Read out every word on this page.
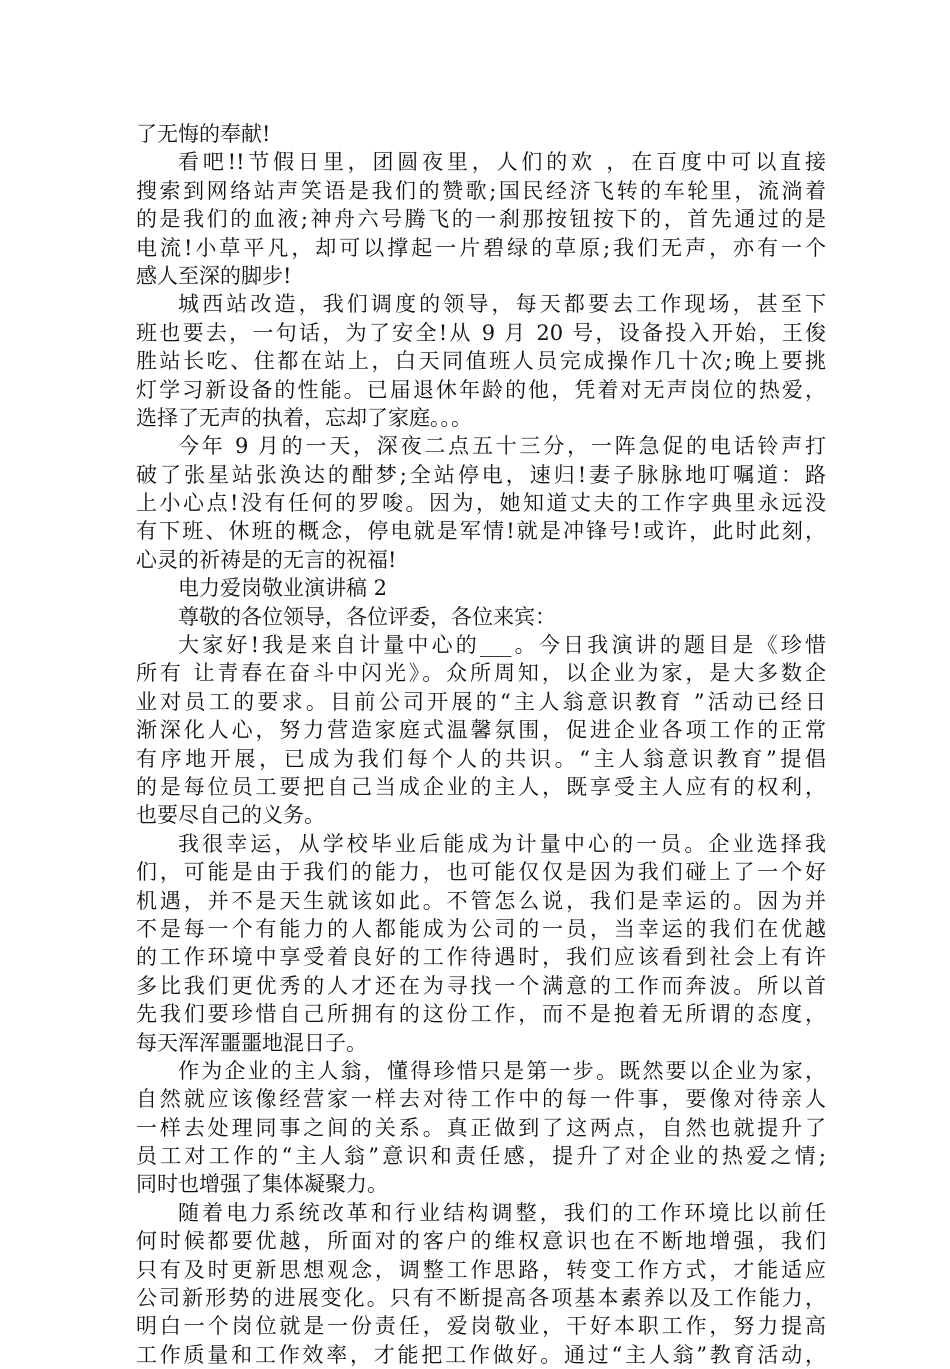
了无悔的奉献!
看吧!!节假日里，团圆夜里，人们的欢 ，在百度中可以直接
搜索到网络站声笑语是我们的赞歌;国民经济飞转的车轮里，流淌着
的是我们的血液;神舟六号腾飞的一刹那按钮按下的，首先通过的是
电流!小草平凡，却可以撑起一片碧绿的草原;我们无声，亦有一个
感人至深的脚步!
城西站改造，我们调度的领导，每天都要去工作现场，甚至下
班也要去，一句话，为了安全!从 9 月 20 号，设备投入开始，王俊
胜站长吃、住都在站上，白天同值班人员完成操作几十次;晚上要挑
灯学习新设备的性能。已届退休年龄的他，凭着对无声岗位的热爱，
选择了无声的执着，忘却了家庭。。。
今年 9 月的一天，深夜二点五十三分，一阵急促的电话铃声打
破了张星站张涣达的酣梦;全站停电，速归!妻子脉脉地叮嘱道：路
上小心点!没有任何的罗唆。因为，她知道丈夫的工作字典里永远没
有下班、休班的概念，停电就是军情!就是冲锋号!或许，此时此刻，
心灵的祈祷是的无言的祝福!
电力爱岗敬业演讲稿 2
尊敬的各位领导，各位评委，各位来宾：
大家好!我是来自计量中心的___。今日我演讲的题目是《珍惜
所有 让青春在奋斗中闪光》。众所周知，以企业为家，是大多数企
业对员工的要求。目前公司开展的“主人翁意识教育 ”活动已经日
渐深化人心，努力营造家庭式温馨氛围，促进企业各项工作的正常
有序地开展，已成为我们每个人的共识。“主人翁意识教育”提倡
的是每位员工要把自己当成企业的主人，既享受主人应有的权利，
也要尽自己的义务。
我很幸运，从学校毕业后能成为计量中心的一员。企业选择我
们，可能是由于我们的能力，也可能仅仅是因为我们碰上了一个好
机遇，并不是天生就该如此。不管怎么说，我们是幸运的。因为并
不是每一个有能力的人都能成为公司的一员，当幸运的我们在优越
的工作环境中享受着良好的工作待遇时，我们应该看到社会上有许
多比我们更优秀的人才还在为寻找一个满意的工作而奔波。所以首
先我们要珍惜自己所拥有的这份工作，而不是抱着无所谓的态度，
每天浑浑噩噩地混日子。
作为企业的主人翁，懂得珍惜只是第一步。既然要以企业为家，
自然就应该像经营家一样去对待工作中的每一件事，要像对待亲人
一样去处理同事之间的关系。真正做到了这两点，自然也就提升了
员工对工作的“主人翁”意识和责任感，提升了对企业的热爱之情;
同时也增强了集体凝聚力。
随着电力系统改革和行业结构调整，我们的工作环境比以前任
何时候都要优越，所面对的客户的维权意识也在不断地增强，我们
只有及时更新思想观念，调整工作思路，转变工作方式，才能适应
公司新形势的进展变化。只有不断提高各项基本素养以及工作能力，
明白一个岗位就是一份责任，爱岗敬业，干好本职工作，努力提高
工作质量和工作效率，才能把工作做好。通过“主人翁”教育活动，
